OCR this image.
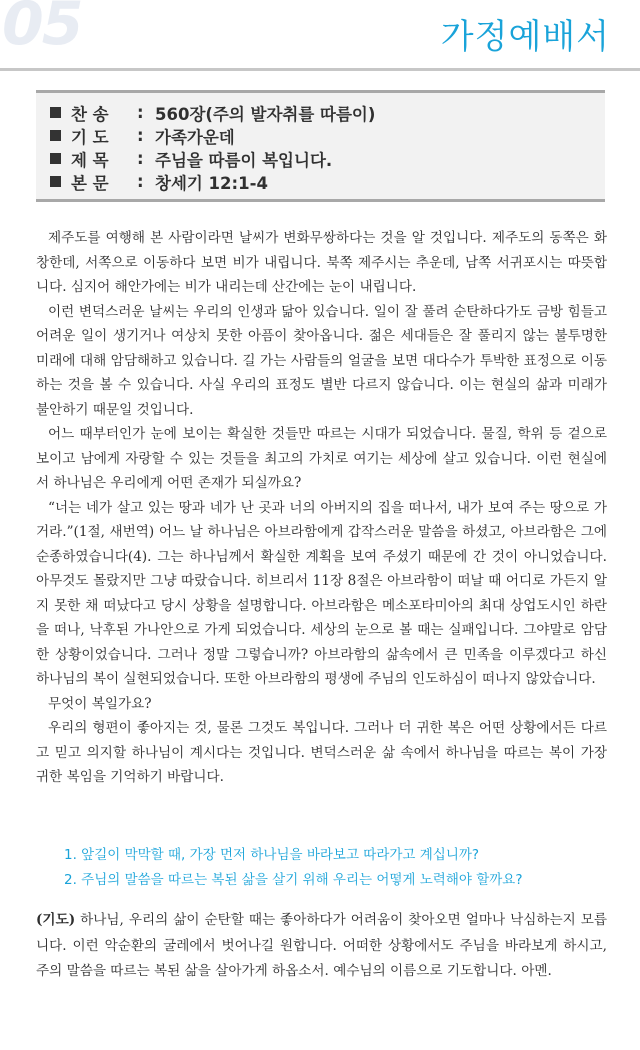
05	가정예배서
찬 송	: 560장(주의 발자취를 따름이)
기 도	: 가족가운데
제 목	: 주님을 따름이 복입니다.
본 문	: 창세기 12:1-4

제주도를 여행해 본 사람이라면 날씨가 변화무쌍하다는 것을 알 것입니다. 제주도의 동쪽은 화창한데, 서쪽으로 이동하다 보면 비가 내립니다. 북쪽 제주시는 추운데, 남쪽 서귀포시는 따뜻합니다. 심지어 해안가에는 비가 내리는데 산간에는 눈이 내립니다.

이런 변덕스러운 날씨는 우리의 인생과 닮아 있습니다. 일이 잘 풀려 순탄하다가도 금방 힘들고 어려운 일이 생기거나 여상치 못한 아픔이 찾아옵니다. 젊은 세대들은 잘 풀리지 않는 불투명한 미래에 대해 암담해하고 있습니다. 길 가는 사람들의 얼굴을 보면 대다수가 투박한 표정으로 이동하는 것을 볼 수 있습니다. 사실 우리의 표정도 별반 다르지 않습니다. 이는 현실의 삶과 미래가 불안하기 때문일 것입니다.

어느 때부터인가 눈에 보이는 확실한 것들만 따르는 시대가 되었습니다. 물질, 학위 등 겉으로 보이고 남에게 자랑할 수 있는 것들을 최고의 가치로 여기는 세상에 살고 있습니다. 이런 현실에서 하나님은 우리에게 어떤 존재가 되실까요?

“너는 네가 살고 있는 땅과 네가 난 곳과 너의 아버지의 집을 떠나서, 내가 보여 주는 땅으로 가거라.”(1절, 새번역) 어느 날 하나님은 아브라함에게 갑작스러운 말씀을 하셨고, 아브라함은 그에 순종하였습니다(4). 그는 하나님께서 확실한 계획을 보여 주셨기 때문에 간 것이 아니었습니다. 아무것도 몰랐지만 그냥 따랐습니다. 히브리서 11장 8절은 아브라함이 떠날 때 어디로 가든지 알지 못한 채 떠났다고 당시 상황을 설명합니다. 아브라함은 메소포타미아의 최대 상업도시인 하란을 떠나, 낙후된 가나안으로 가게 되었습니다. 세상의 눈으로 볼 때는 실패입니다. 그야말로 암담한 상황이었습니다. 그러나 정말 그렇습니까? 아브라함의 삶속에서 큰 민족을 이루겠다고 하신 하나님의 복이 실현되었습니다. 또한 아브라함의 평생에 주님의 인도하심이 떠나지 않았습니다.

무엇이 복일가요?

우리의 형편이 좋아지는 것, 물론 그것도 복입니다. 그러나 더 귀한 복은 어떤 상황에서든 다르고 믿고 의지할 하나님이 계시다는 것입니다. 변덕스러운 삶 속에서 하나님을 따르는 복이 가장 귀한 복임을 기억하기 바랍니다.

1. 앞길이 막막할 때, 가장 먼저 하나님을 바라보고 따라가고 계십니까?
2. 주님의 말씀을 따르는 복된 삶을 살기 위해 우리는 어떻게 노력해야 할까요?
(기도) 하나님, 우리의 삶이 순탄할 때는 좋아하다가 어려움이 찾아오면 얼마나 낙심하는지 모릅니다. 이런 악순환의 굴레에서 벗어나길 원합니다. 어떠한 상황에서도 주님을 바라보게 하시고, 주의 말씀을 따르는 복된 삶을 살아가게 하옵소서. 예수님의 이름으로 기도합니다. 아멘.
